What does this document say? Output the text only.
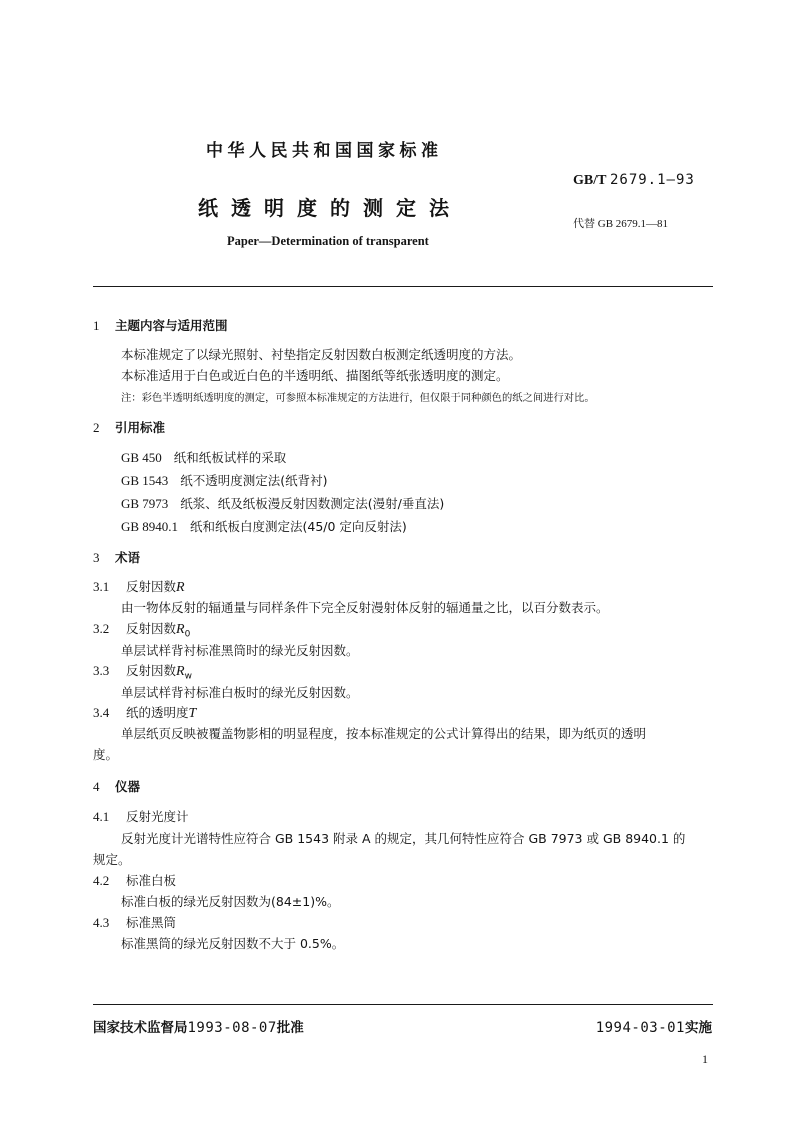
中华人民共和国国家标准
纸透明度的测定法
Paper—Determination of transparent
GB/T 2679.1—93
代替 GB 2679.1—81
1 主题内容与适用范围
本标准规定了以绿光照射、衬垫指定反射因数白板测定纸透明度的方法。
本标准适用于白色或近白色的半透明纸、描图纸等纸张透明度的测定。
注：彩色半透明纸透明度的测定，可参照本标准规定的方法进行，但仅限于同种颜色的纸之间进行对比。
2 引用标准
GB 450 纸和纸板试样的采取
GB 1543 纸不透明度测定法(纸背衬)
GB 7973 纸浆、纸及纸板漫反射因数测定法(漫射/垂直法)
GB 8940.1 纸和纸板白度测定法(45/0 定向反射法)
3 术语
3.1 反射因数R
由一物体反射的辐通量与同样条件下完全反射漫射体反射的辐通量之比，以百分数表示。
3.2 反射因数$R_0$
单层试样背衬标准黑筒时的绿光反射因数。
3.3 反射因数$R_w$
单层试样背衬标准白板时的绿光反射因数。
3.4 纸的透明度T
单层纸页反映被覆盖物影相的明显程度，按本标准规定的公式计算得出的结果，即为纸页的透明
度。
4 仪器
4.1 反射光度计
反射光度计光谱特性应符合 GB 1543 附录 A 的规定，其几何特性应符合 GB 7973 或 GB 8940.1 的
规定。
4.2 标准白板
标准白板的绿光反射因数为(84±1)%。
4.3 标准黑筒
标准黑筒的绿光反射因数不大于 0.5%。
国家技术监督局1993-08-07批准	1994-03-01实施
1
